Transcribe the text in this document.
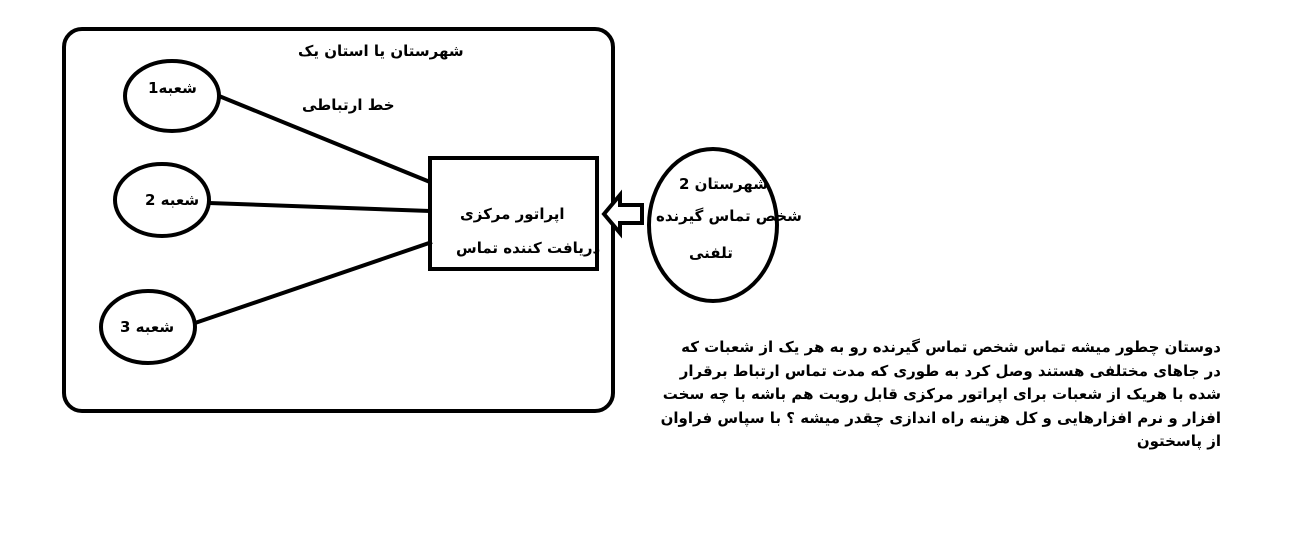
شهرستان یا استان یک
خط ارتباطی
شعبه1
شعبه 2
شعبه 3
اپراتور مرکزی
دریافت کننده تماس
شهرستان 2
شخص تماس گیرنده
تلفنی
دوستان چطور میشه تماس شخص تماس گیرنده رو به هر یک از شعبات که
در جاهای مختلفی هستند وصل کرد به طوری که مدت تماس ارتباط برقرار
شده با هریک از شعبات برای اپراتور مرکزی قابل رویت هم باشه با چه سخت
افزار و نرم افزارهایی و کل هزینه راه اندازی چقدر میشه ؟ با سپاس فراوان
از پاسختون
